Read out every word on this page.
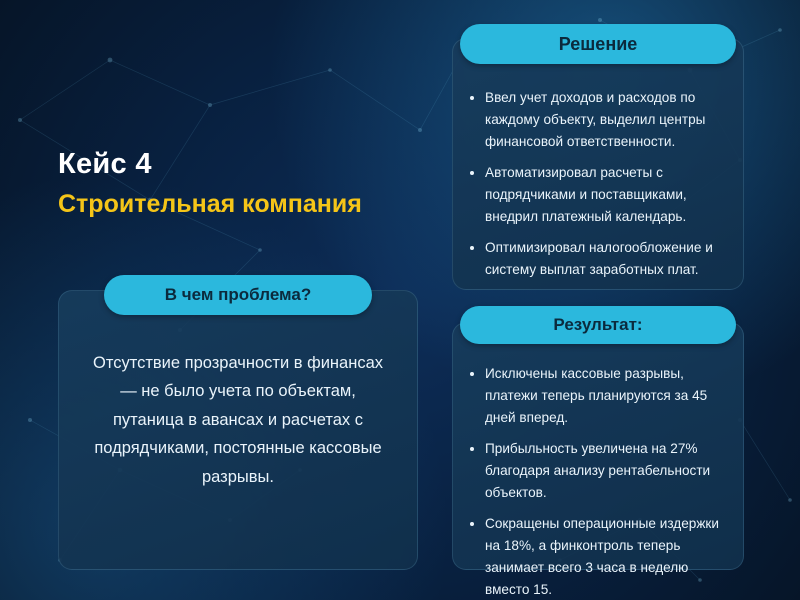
Кейс 4
Строительная компания
В чем проблема?
Отсутствие прозрачности в финансах — не было учета по объектам, путаница в авансах и расчетах с подрядчиками, постоянные кассовые разрывы.
Решение
• Ввел учет доходов и расходов по каждому объекту, выделил центры финансовой ответственности.
• Автоматизировал расчеты с подрядчиками и поставщиками, внедрил платежный календарь.
• Оптимизировал налогообложение и систему выплат заработных плат.
Результат:
• Исключены кассовые разрывы, платежи теперь планируются за 45 дней вперед.
• Прибыльность увеличена на 27% благодаря анализу рентабельности объектов.
• Сокращены операционные издержки на 18%, а финконтроль теперь занимает всего 3 часа в неделю вместо 15.
